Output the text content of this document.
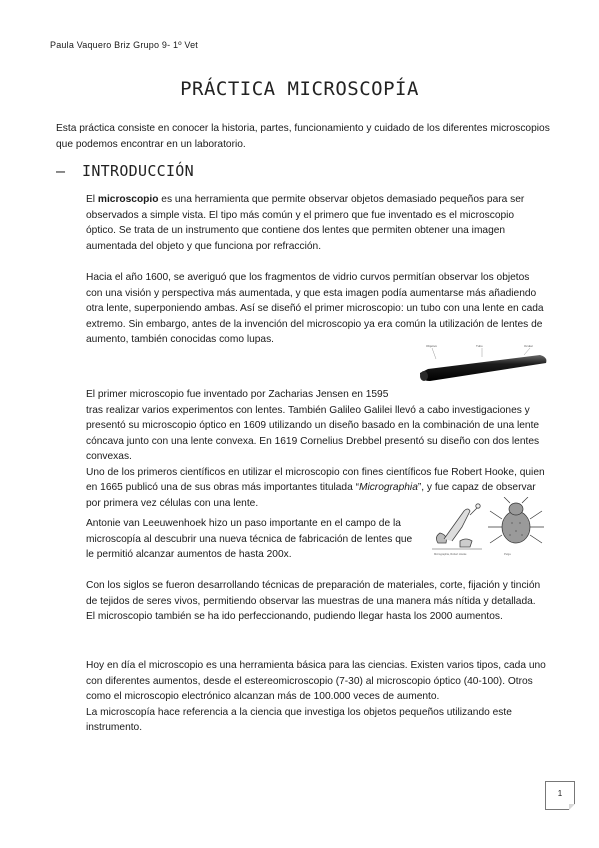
Paula Vaquero Briz Grupo 9- 1º Vet
PRÁCTICA MICROSCOPÍA
Esta práctica consiste en conocer la historia, partes, funcionamiento y cuidado de los diferentes microscopios que podemos encontrar en un laboratorio.
– INTRODUCCIÓN

El microscopio es una herramienta que permite observar objetos demasiado pequeños para ser observados a simple vista. El tipo más común y el primero que fue inventado es el microscopio óptico. Se trata de un instrumento que contiene dos lentes que permiten obtener una imagen aumentada del objeto y que funciona por refracción.

Hacia el año 1600, se averiguó que los fragmentos de vidrio curvos permitían observar los objetos con una visión y perspectiva más aumentada, y que esta imagen podía aumentarse más añadiendo otra lente, superponiendo ambas. Así se diseñó el primer microscopio: un tubo con una lente en cada extremo. Sin embargo, antes de la invención del microscopio ya era común la utilización de lentes de aumento, también conocidas como lupas.

Objetivo	Tubo	Ocular

El primer microscopio fue inventado por Zacharias Jensen en 1595

tras realizar varios experimentos con lentes. También Galileo Galilei llevó a cabo investigaciones y presentó su microscopio óptico en 1609 utilizando un diseño basado en la combinación de una lente cóncava junto con una lente convexa. En 1619 Cornelius Drebbel presentó su diseño con dos lentes convexas.

Uno de los primeros científicos en utilizar el microscopio con fines científicos fue Robert Hooke, quien en 1665 publicó una de sus obras más importantes titulada “Micrographia”, y fue capaz de observar por primera vez células con una lente.

Antonie van Leeuwenhoek hizo un paso importante en el campo de la microscopía al descubrir una nueva técnica de fabricación de lentes que le permitió alcanzar aumentos de hasta 200x.	Micrographia, Robert Hooke	Pulga

Con los siglos se fueron desarrollando técnicas de preparación de materiales, corte, fijación y tinción de tejidos de seres vivos, permitiendo observar las muestras de una manera más nítida y detallada. El microscopio también se ha ido perfeccionando, pudiendo llegar hasta los 2000 aumentos.

Hoy en día el microscopio es una herramienta básica para las ciencias. Existen varios tipos, cada uno con diferentes aumentos, desde el estereomicroscopio (7-30) al microscopio óptico (40-100). Otros como el microscopio electrónico alcanzan más de 100.000 veces de aumento.

La microscopía hace referencia a la ciencia que investiga los objetos pequeños utilizando este instrumento.

1
